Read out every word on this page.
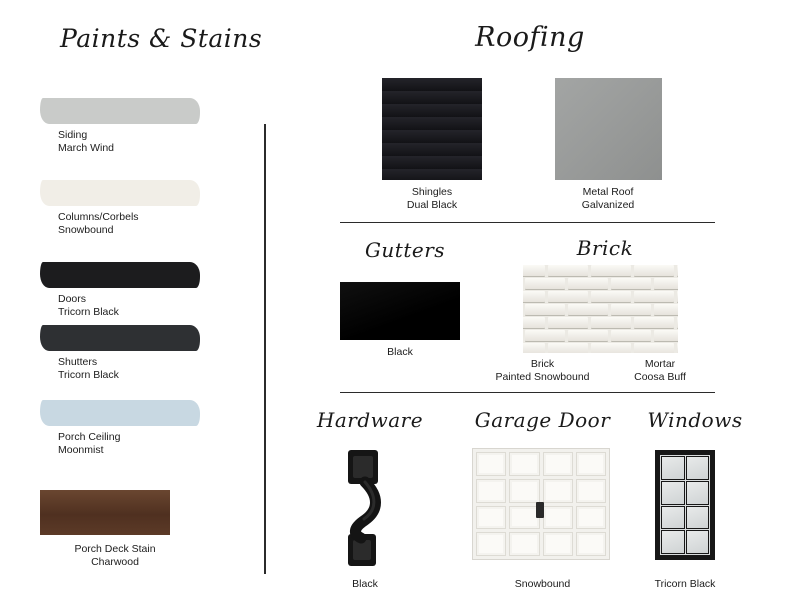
Paints & Stains
Siding
March Wind
Columns/Corbels
Snowbound
Doors
Tricorn Black
Shutters
Tricorn Black
Porch Ceiling
Moonmist
Porch Deck Stain
Charwood
Roofing
Shingles
Dual Black
Metal Roof
Galvanized
Gutters
Black
Brick
Brick
Painted Snowbound
Mortar
Coosa Buff
Hardware
Black
Garage Door
Snowbound
Windows
Tricorn Black
